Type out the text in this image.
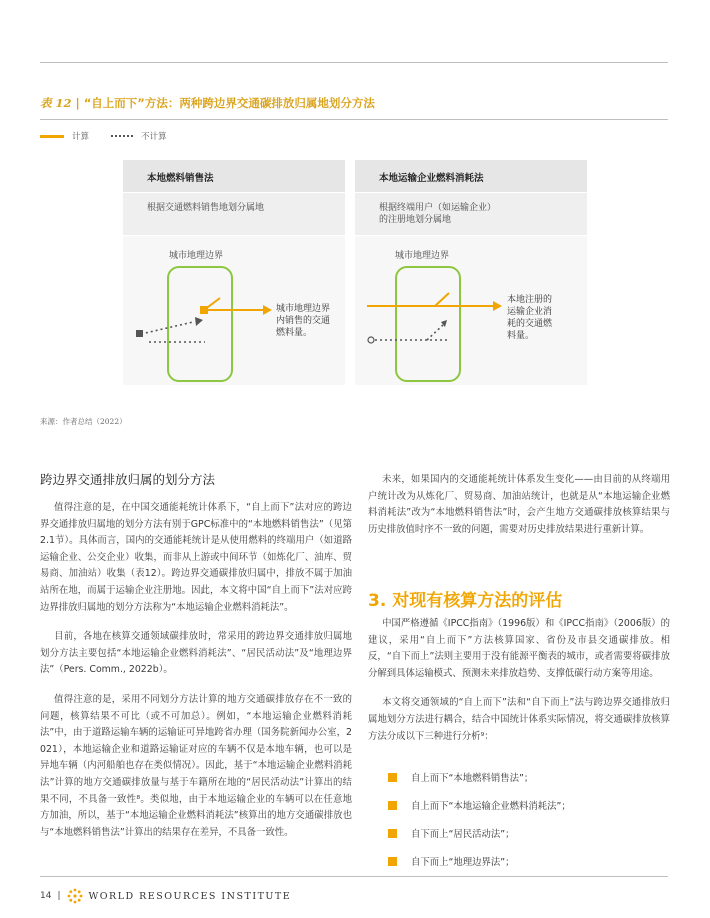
表 12 | “自上而下”方法：两种跨边界交通碳排放归属地划分方法
计算	不计算
本地燃料销售法
根据交通燃料销售地划分属地
城市地理边界
城市地理边界
内销售的交通
燃料量。
本地运输企业燃料消耗法
根据终端用户（如运输企业）
的注册地划分属地
城市地理边界
本地注册的
运输企业消
耗的交通燃
料量。
来源：作者总结（2022）
跨边界交通排放归属的划分方法
值得注意的是，在中国交通能耗统计体系下，“自上而下”法对应的跨边界交通排放归属地的划分方法有别于GPC标准中的“本地燃料销售法”（见第2.1节）。具体而言，国内的交通能耗统计是从使用燃料的终端用户（如道路运输企业、公交企业）收集，而非从上游或中间环节（如炼化厂、油库、贸易商、加油站）收集（表12）。跨边界交通碳排放归属中，排放不属于加油站所在地，而属于运输企业注册地。因此，本文将中国“自上而下”法对应跨边界排放归属地的划分方法称为“本地运输企业燃料消耗法”。
目前，各地在核算交通领域碳排放时，常采用的跨边界交通排放归属地划分方法主要包括“本地运输企业燃料消耗法”、“居民活动法”及“地理边界法”（Pers. Comm., 2022b）。
值得注意的是，采用不同划分方法计算的地方交通碳排放存在不一致的问题，核算结果不可比（或不可加总）。例如，“本地运输企业燃料消耗法”中，由于道路运输车辆的运输证可异地跨省办理（国务院新闻办公室，2021），本地运输企业和道路运输证对应的车辆不仅是本地车辆，也可以是异地车辆（内河船舶也存在类似情况）。因此，基于“本地运输企业燃料消耗法”计算的地方交通碳排放量与基于车籍所在地的“居民活动法”计算出的结果不同，不具备一致性⁸。类似地，由于本地运输企业的车辆可以在任意地方加油，所以，基于“本地运输企业燃料消耗法”核算出的地方交通碳排放也与“本地燃料销售法”计算出的结果存在差异，不具备一致性。
未来，如果国内的交通能耗统计体系发生变化——由目前的从终端用户统计改为从炼化厂、贸易商、加油站统计，也就是从“本地运输企业燃料消耗法”改为“本地燃料销售法”时，会产生地方交通碳排放核算结果与历史排放值时序不一致的问题，需要对历史排放结果进行重新计算。
3. 对现有核算方法的评估
中国严格遵循《IPCC指南》（1996版）和《IPCC指南》（2006版）的建议，采用“自上而下”方法核算国家、省份及市县交通碳排放。相反，“自下而上”法则主要用于没有能源平衡表的城市，或者需要将碳排放分解到具体运输模式、预测未来排放趋势、支撑低碳行动方案等用途。
本文将交通领域的“自上而下”法和“自下而上”法与跨边界交通排放归属地划分方法进行耦合，结合中国统计体系实际情况，将交通碳排放核算方法分成以下三种进行分析⁹：
自上而下“本地燃料销售法”；
自上而下“本地运输企业燃料消耗法”；
自下而上“居民活动法”；
自下而上“地理边界法”；
14 |	WORLD RESOURCES INSTITUTE
